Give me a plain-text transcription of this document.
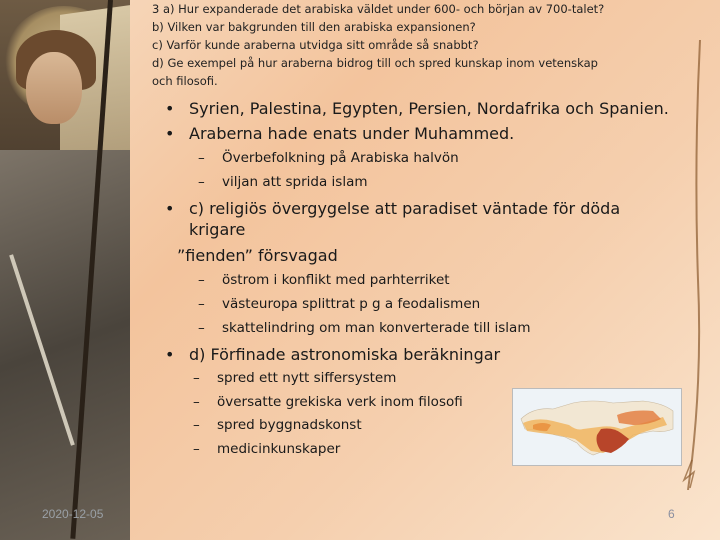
3 a) Hur expanderade det arabiska väldet under 600- och början av 700-talet?
b) Vilken var bakgrunden till den arabiska expansionen?
c) Varför kunde araberna utvidga sitt område så snabbt?
d) Ge exempel på hur araberna bidrog till och spred kunskap inom vetenskap
och filosofi.
• Syrien, Palestina, Egypten, Persien, Nordafrika och Spanien.
• Araberna hade enats under Muhammed.
– Överbefolkning på Arabiska halvön
– viljan att sprida islam
• c) religiös övergygelse att paradiset väntade för döda
krigare
”fienden” försvagad
– östrom i konflikt med parhterriket
– västeuropa splittrat p g a feodalismen
– skattelindring om man konverterade till islam
• d) Förfinade astronomiska beräkningar
– spred ett nytt siffersystem
– översatte grekiska verk inom filosofi
– spred byggnadskonst
– medicinkunskaper
2020-12-05	6
